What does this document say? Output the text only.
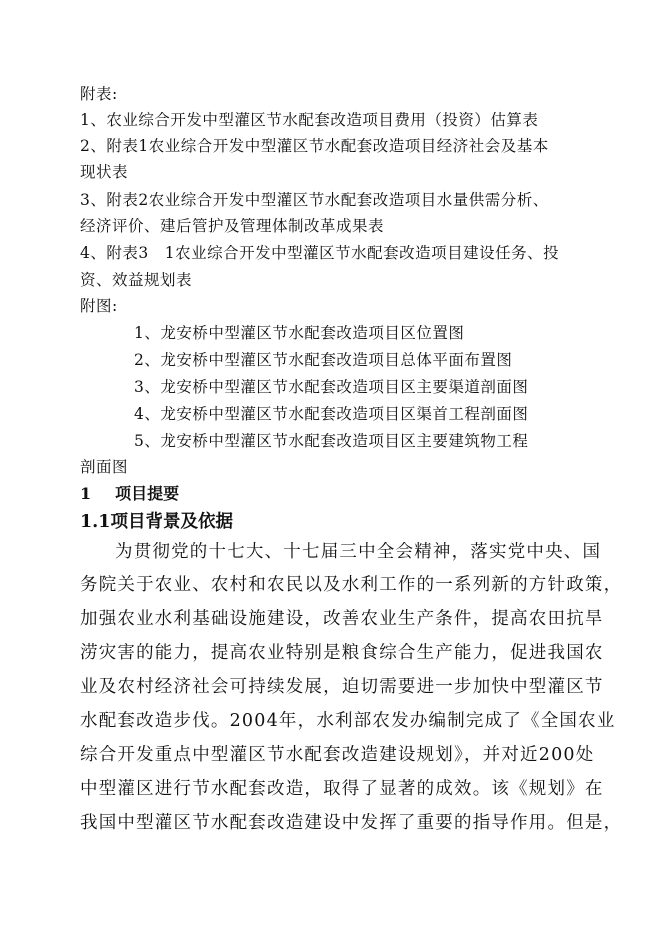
附表:
1、农业综合开发中型灌区节水配套改造项目费用（投资）估算表
2、附表1农业综合开发中型灌区节水配套改造项目经济社会及基本
现状表
3、附表2农业综合开发中型灌区节水配套改造项目水量供需分析、
经济评价、建后管护及管理体制改革成果表
4、附表3　1农业综合开发中型灌区节水配套改造项目建设任务、投
资、效益规划表
附图:
1、龙安桥中型灌区节水配套改造项目区位置图
2、龙安桥中型灌区节水配套改造项目总体平面布置图
3、龙安桥中型灌区节水配套改造项目区主要渠道剖面图
4、龙安桥中型灌区节水配套改造项目区渠首工程剖面图
5、龙安桥中型灌区节水配套改造项目区主要建筑物工程
剖面图
1 项目提要
1.1项目背景及依据
为贯彻党的十七大、十七届三中全会精神，落实党中央、国
务院关于农业、农村和农民以及水利工作的一系列新的方针政策，
加强农业水利基础设施建设，改善农业生产条件，提高农田抗旱
涝灾害的能力，提高农业特别是粮食综合生产能力，促进我国农
业及农村经济社会可持续发展，迫切需要进一步加快中型灌区节
水配套改造步伐。2004年，水利部农发办编制完成了《全国农业
综合开发重点中型灌区节水配套改造建设规划》，并对近200处
中型灌区进行节水配套改造，取得了显著的成效。该《规划》在
我国中型灌区节水配套改造建设中发挥了重要的指导作用。但是，
